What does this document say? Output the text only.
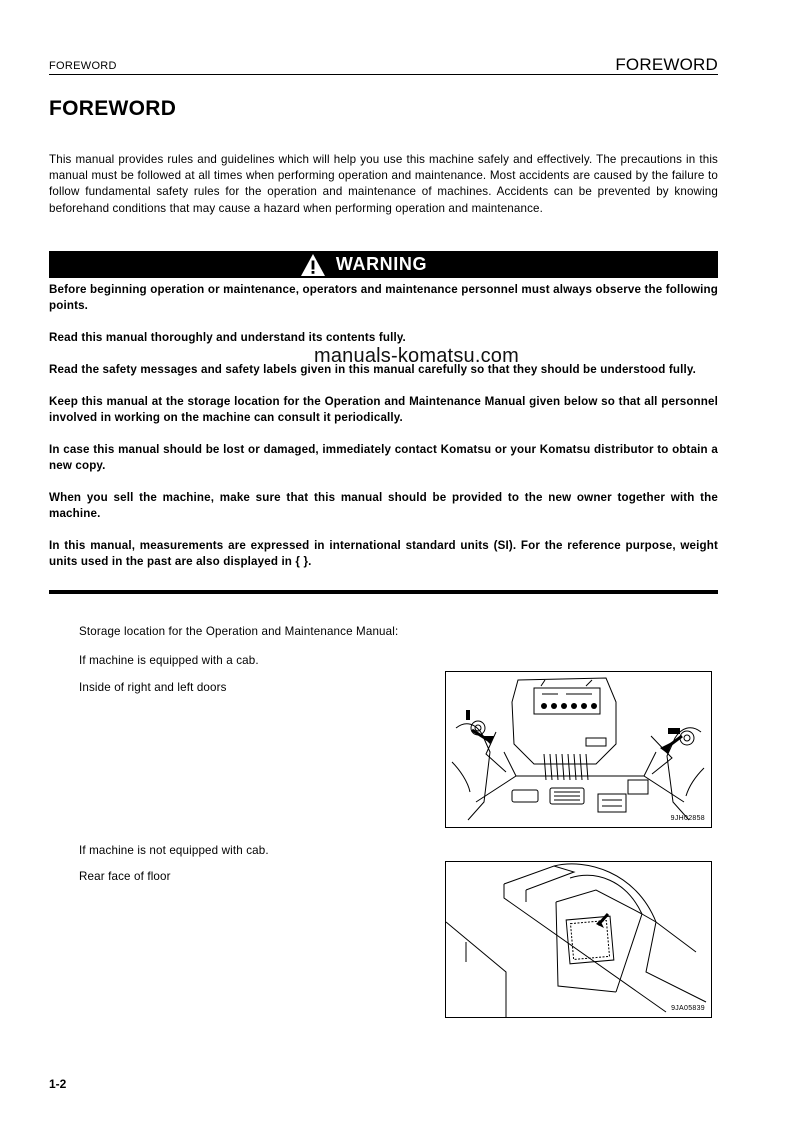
FOREWORD	FOREWORD
FOREWORD

This manual provides rules and guidelines which will help you use this machine safely and effectively. The precautions in this manual must be followed at all times when performing operation and maintenance. Most accidents are caused by the failure to follow fundamental safety rules for the operation and maintenance of machines. Accidents can be prevented by knowing beforehand conditions that may cause a hazard when performing operation and maintenance.

WARNING

Before beginning operation or maintenance, operators and maintenance personnel must always observe the following points.

Read this manual thoroughly and understand its contents fully.

Read the safety messages and safety labels given in this manual carefully so that they should be understood fully.

Keep this manual at the storage location for the Operation and Maintenance Manual given below so that all personnel involved in working on the machine can consult it periodically.

In case this manual should be lost or damaged, immediately contact Komatsu or your Komatsu distributor to obtain a new copy.

When you sell the machine, make sure that this manual should be provided to the new owner together with the machine.

In this manual, measurements are expressed in international standard units (SI). For the reference purpose, weight units used in the past are also displayed in { }.

manuals-komatsu.com
Storage location for the Operation and Maintenance Manual:
If machine is equipped with a cab.
Inside of right and left doors
9JH02858
If machine is not equipped with cab.
Rear face of floor
9JA05839
1-2
